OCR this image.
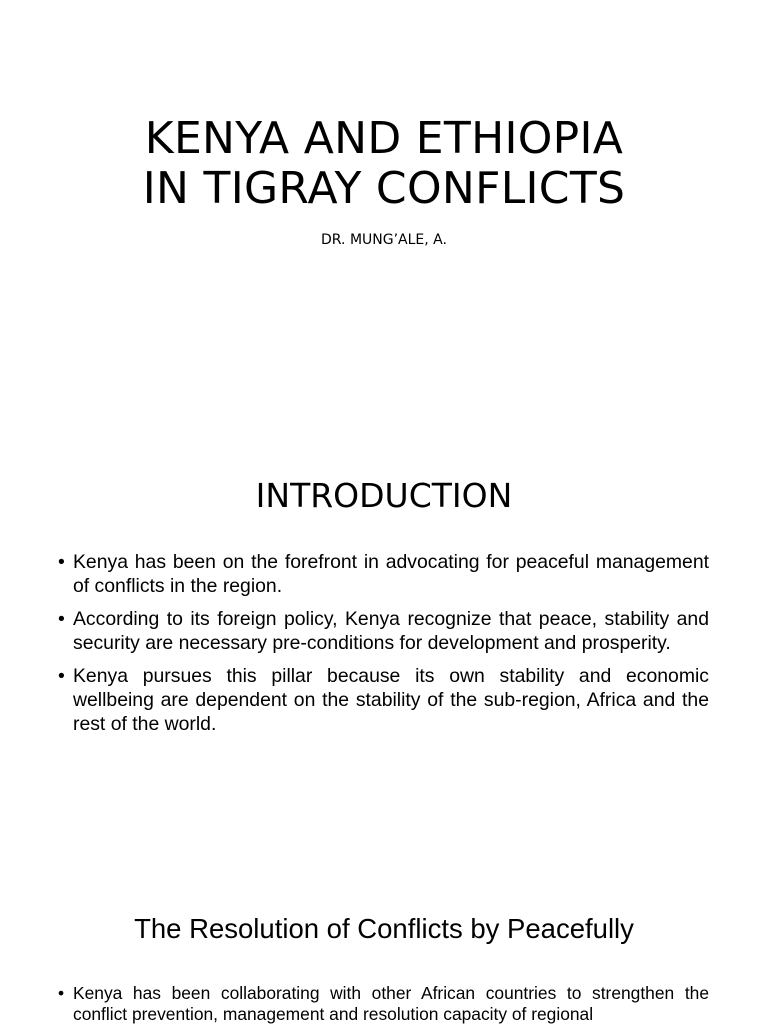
KENYA AND ETHIOPIA
IN TIGRAY CONFLICTS
DR. MUNG’ALE, A.
INTRODUCTION
• Kenya has been on the forefront in advocating for peaceful management of conflicts in the region.
• According to its foreign policy, Kenya recognize that peace, stability and security are necessary pre-conditions for development and prosperity.
• Kenya pursues this pillar because its own stability and economic wellbeing are dependent on the stability of the sub-region, Africa and the rest of the world.
The Resolution of Conflicts by Peacefully
• Kenya has been collaborating with other African countries to strengthen the conflict prevention, management and resolution capacity of regional
